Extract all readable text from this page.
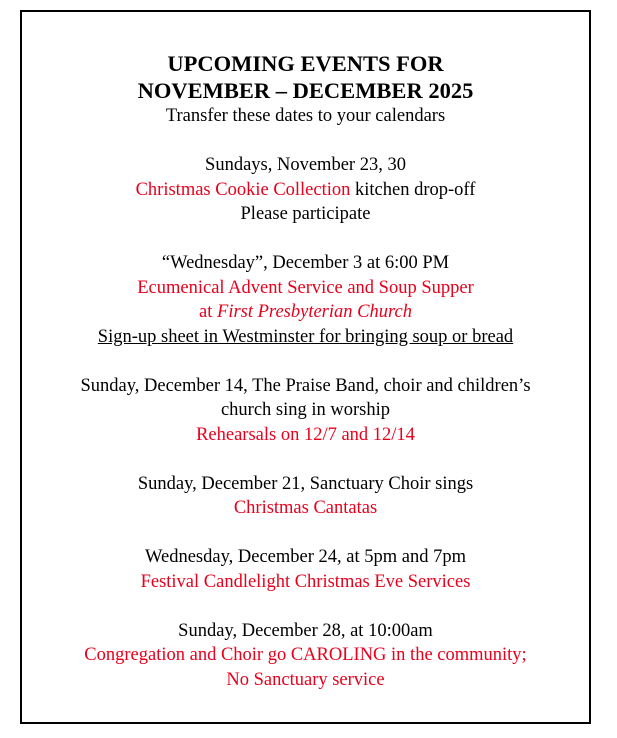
UPCOMING EVENTS FOR

NOVEMBER – DECEMBER 2025

Transfer these dates to your calendars

Sundays, November 23, 30

Christmas Cookie Collection kitchen drop-off

Please participate

“Wednesday”, December 3 at 6:00 PM

Ecumenical Advent Service and Soup Supper

at First Presbyterian Church

Sign-up sheet in Westminster for bringing soup or bread

Sunday, December 14, The Praise Band, choir and children’s

church sing in worship

Rehearsals on 12/7 and 12/14

Sunday, December 21, Sanctuary Choir sings

Christmas Cantatas

Wednesday, December 24, at 5pm and 7pm

Festival Candlelight Christmas Eve Services

Sunday, December 28, at 10:00am

Congregation and Choir go CAROLING in the community;

No Sanctuary service
